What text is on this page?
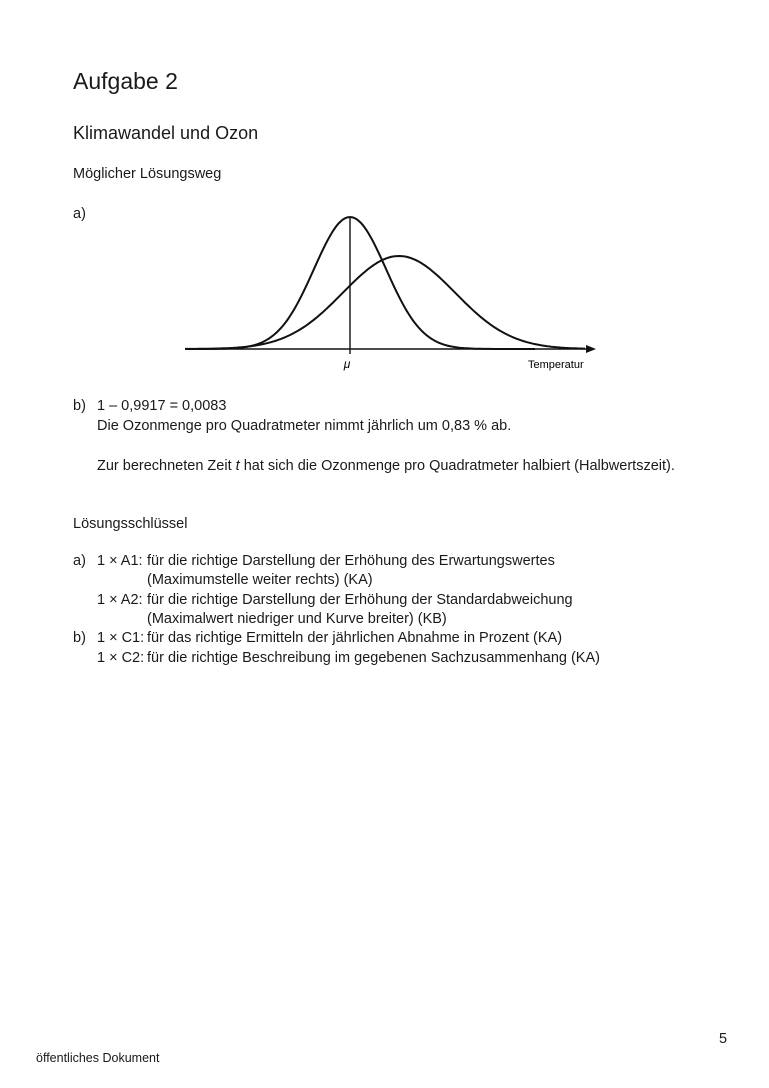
Aufgabe 2
Klimawandel und Ozon
Möglicher Lösungsweg
a)
μ	Temperatur
b) 1 – 0,9917 = 0,0083
Die Ozonmenge pro Quadratmeter nimmt jährlich um 0,83 % ab.
Zur berechneten Zeit t hat sich die Ozonmenge pro Quadratmeter halbiert (Halbwertszeit).
Lösungsschlüssel
a) 1 × A1: für die richtige Darstellung der Erhöhung des Erwartungswertes
(Maximumstelle weiter rechts) (KA)
1 × A2: für die richtige Darstellung der Erhöhung der Standardabweichung
(Maximalwert niedriger und Kurve breiter) (KB)
b) 1 × C1: für das richtige Ermitteln der jährlichen Abnahme in Prozent (KA)
1 × C2: für die richtige Beschreibung im gegebenen Sachzusammenhang (KA)
5
öffentliches Dokument
